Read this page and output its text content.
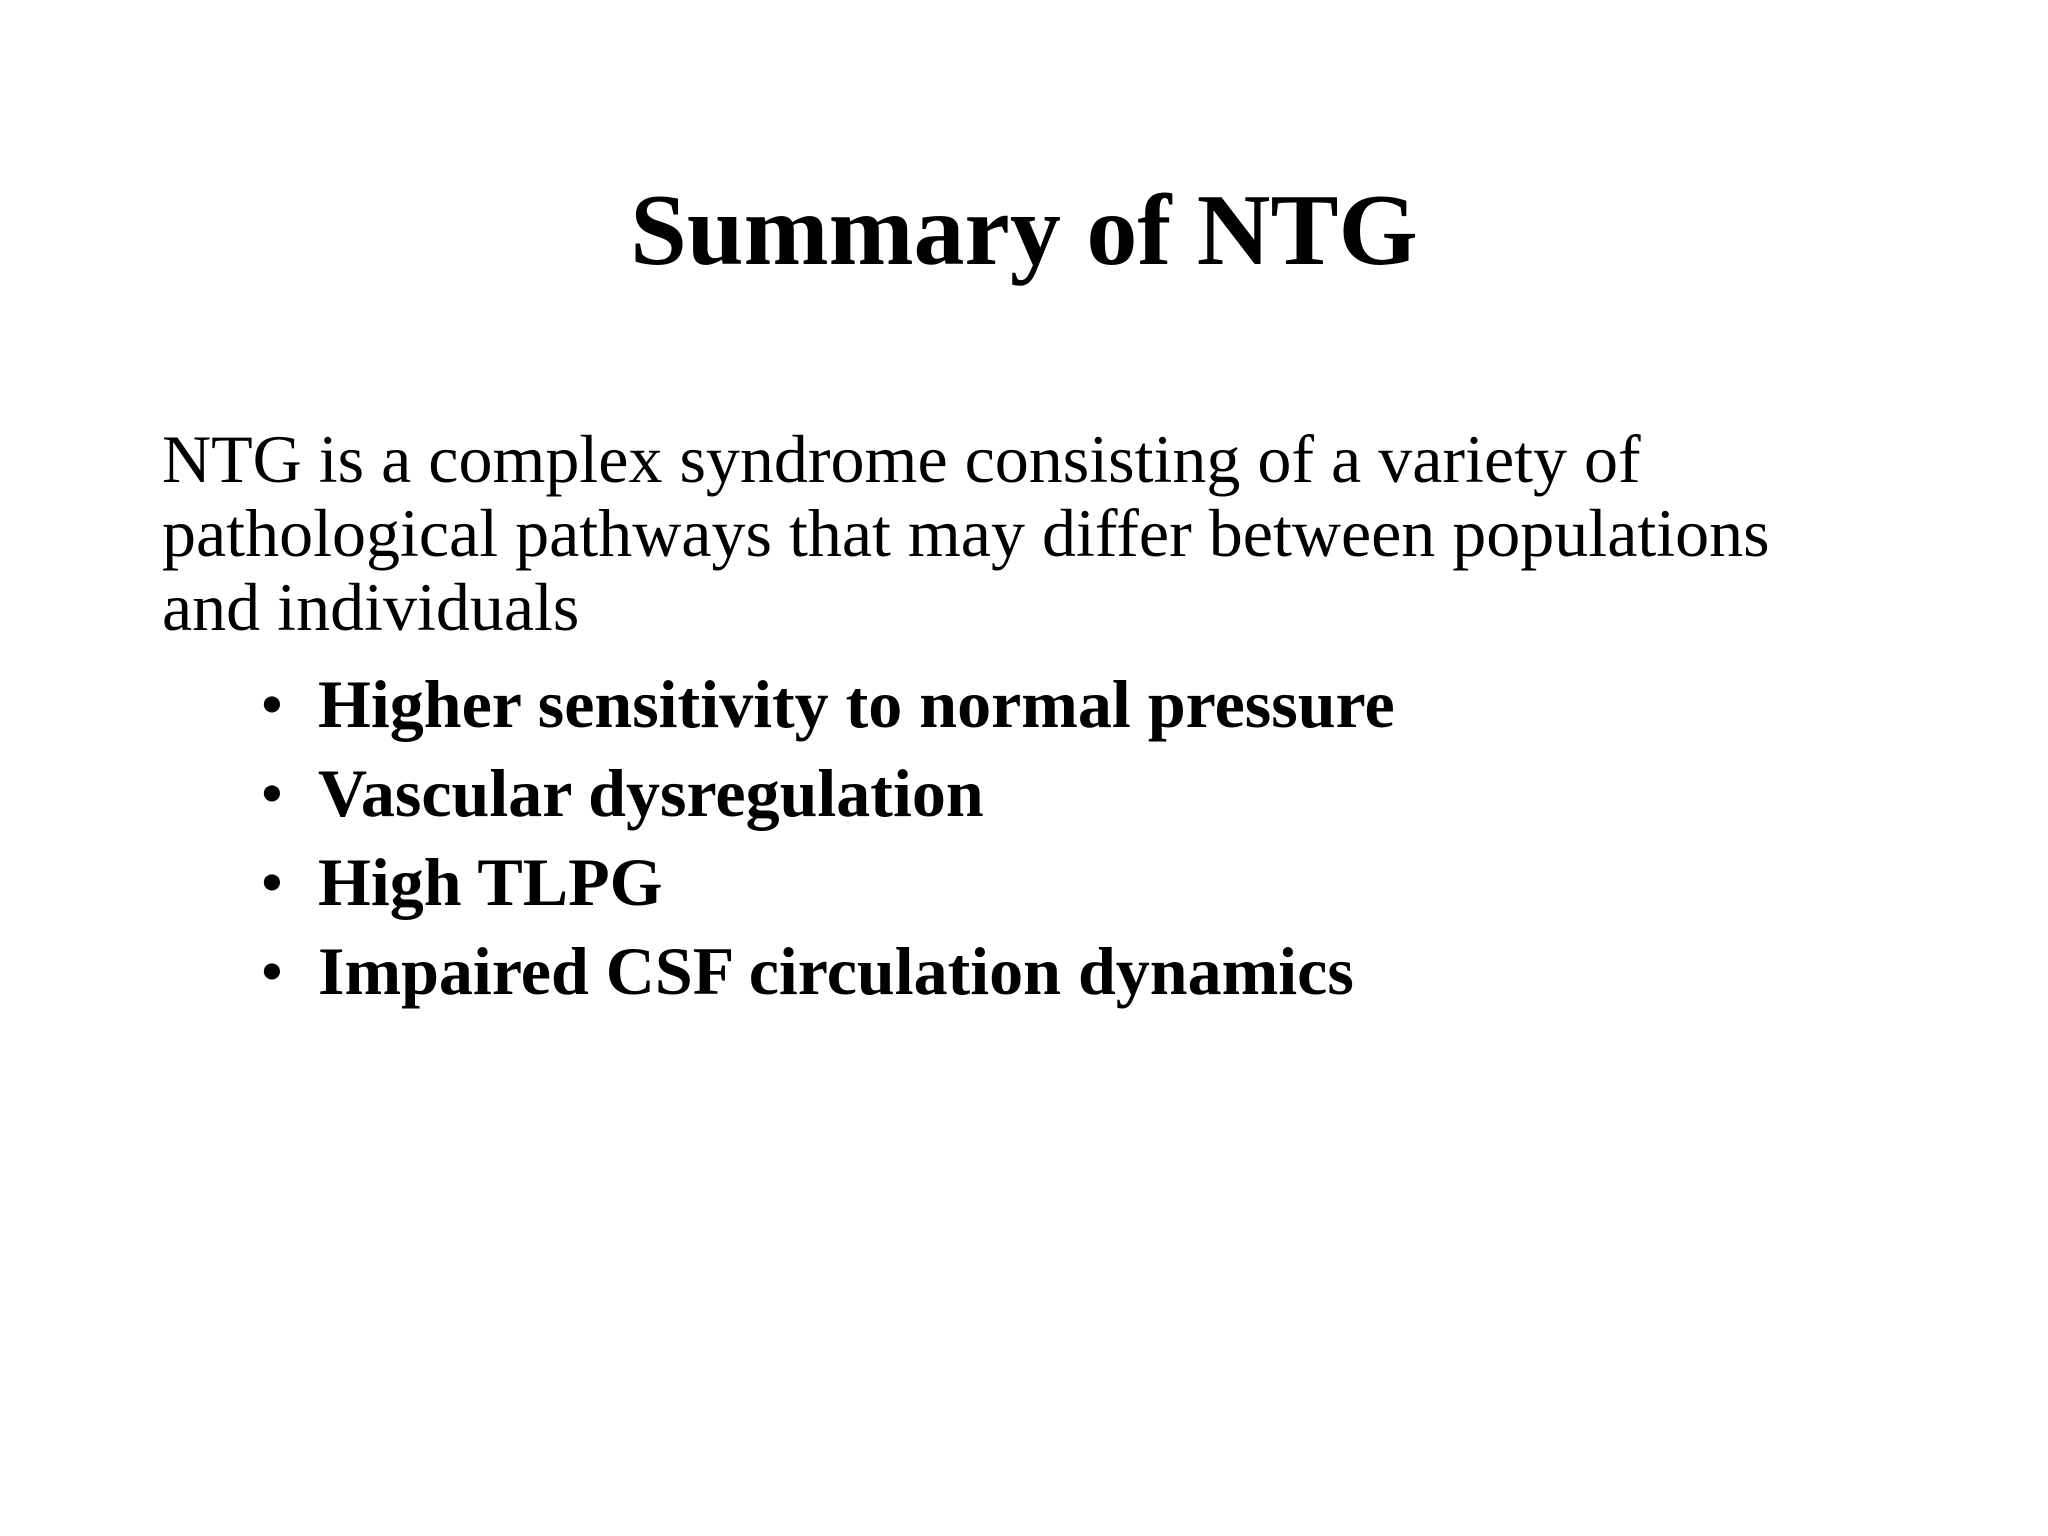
Summary of NTG

NTG is a complex syndrome consisting of a variety of
pathological pathways that may differ between populations
and individuals

• Higher sensitivity to normal pressure
• Vascular dysregulation
• High TLPG
• Impaired CSF circulation dynamics
